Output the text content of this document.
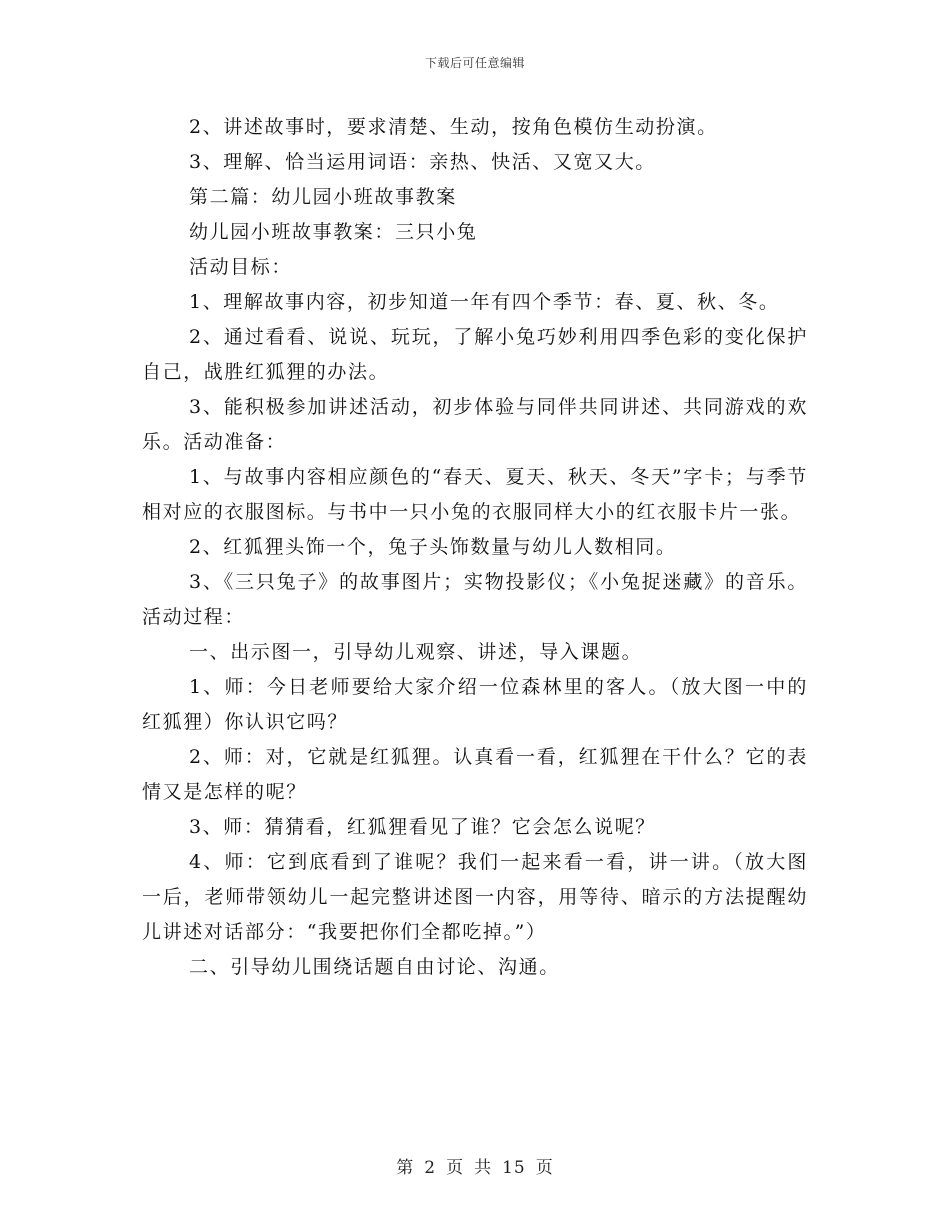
下载后可任意编辑

2、讲述故事时，要求清楚、生动，按角色模仿生动扮演。

3、理解、恰当运用词语：亲热、快活、又宽又大。

第二篇：幼儿园小班故事教案

幼儿园小班故事教案：三只小兔

活动目标：

1、理解故事内容，初步知道一年有四个季节：春、夏、秋、冬。

2、通过看看、说说、玩玩，了解小兔巧妙利用四季色彩的变化保护自己，战胜红狐狸的办法。

3、能积极参加讲述活动，初步体验与同伴共同讲述、共同游戏的欢乐。活动准备：

1、与故事内容相应颜色的“春天、夏天、秋天、冬天”字卡；与季节相对应的衣服图标。与书中一只小兔的衣服同样大小的红衣服卡片一张。

2、红狐狸头饰一个，兔子头饰数量与幼儿人数相同。

3、《三只兔子》的故事图片；实物投影仪；《小兔捉迷藏》的音乐。活动过程：

一、出示图一，引导幼儿观察、讲述，导入课题。

1、师：今日老师要给大家介绍一位森林里的客人。（放大图一中的红狐狸）你认识它吗？

2、师：对，它就是红狐狸。认真看一看，红狐狸在干什么？它的表情又是怎样的呢？

3、师：猜猜看，红狐狸看见了谁？它会怎么说呢？

4、师：它到底看到了谁呢？我们一起来看一看，讲一讲。（放大图一后，老师带领幼儿一起完整讲述图一内容，用等待、暗示的方法提醒幼儿讲述对话部分：“我要把你们全都吃掉。”）

二、引导幼儿围绕话题自由讨论、沟通。

第 2 页 共 15 页
